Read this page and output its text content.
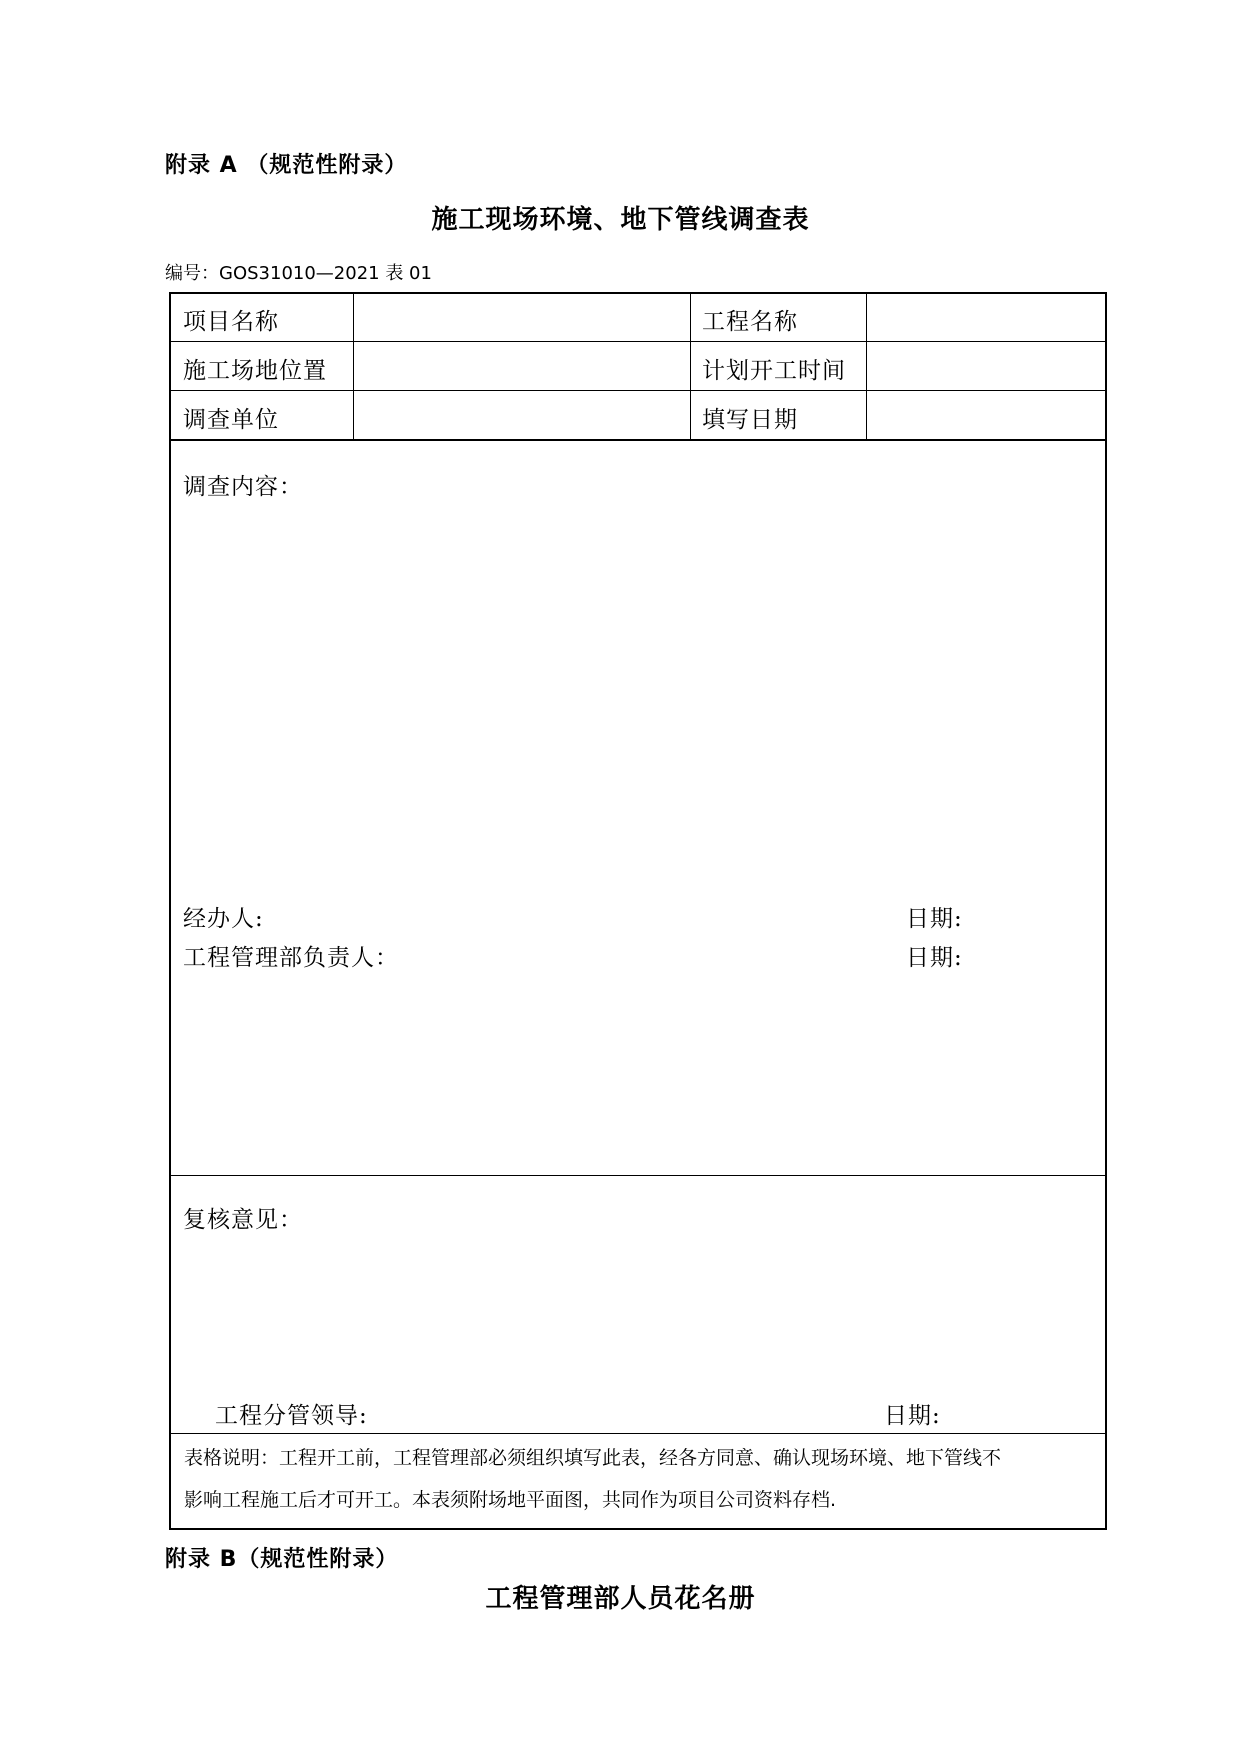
附录 A （规范性附录）
施工现场环境、地下管线调查表
编号：GOS31010—2021 表 01
项目名称	工程名称
施工场地位置	计划开工时间
调查单位	填写日期
调查内容：
经办人:	日期:
工程管理部负责人：	日期:
复核意见：
工程分管领导:	日期:
表格说明：工程开工前，工程管理部必须组织填写此表，经各方同意、确认现场环境、地下管线不
影响工程施工后才可开工。本表须附场地平面图，共同作为项目公司资料存档.
附录 B（规范性附录）
工程管理部人员花名册
